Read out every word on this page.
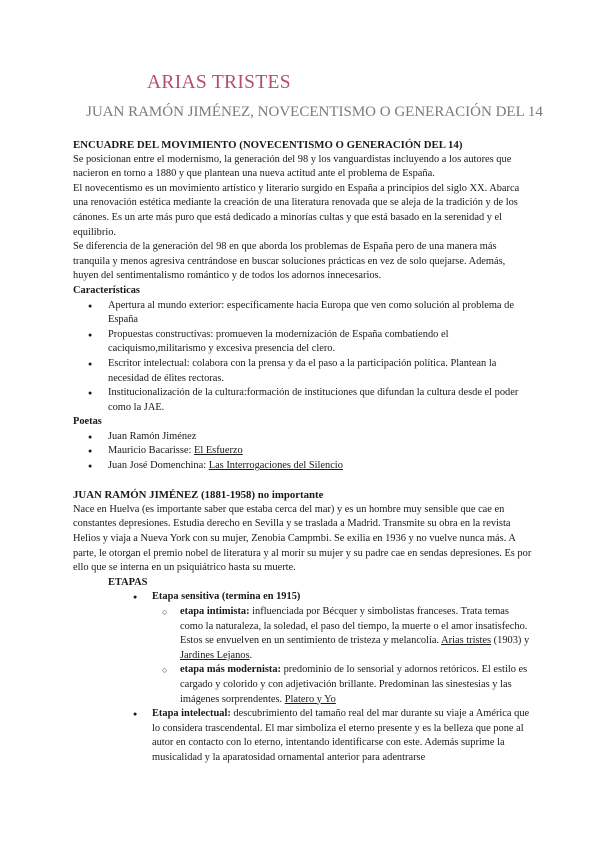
ARIAS TRISTES
JUAN RAMÓN JIMÉNEZ, NOVECENTISMO O GENERACIÓN DEL 14

ENCUADRE DEL MOVIMIENTO (NOVECENTISMO O GENERACIÓN DEL 14)

Se posicionan entre el modernismo, la generación del 98 y los vanguardistas incluyendo a los autores que nacieron en torno a 1880 y que plantean una nueva actitud ante el problema de España.

El novecentismo es un movimiento artístico y literario surgido en España a principios del siglo XX. Abarca una renovación estética mediante la creación de una literatura renovada que se aleja de la tradición y de los cánones. Es un arte más puro que está dedicado a minorías cultas y que está basado en la serenidad y el equilibrio.

Se diferencia de la generación del 98 en que aborda los problemas de España pero de una manera más tranquila y menos agresiva centrándose en buscar soluciones prácticas en vez de solo quejarse. Además, huyen del sentimentalismo romántico y de todos los adornos innecesarios.

Características

● Apertura al mundo exterior: específicamente hacia Europa que ven como solución al problema de España
● Propuestas constructivas: promueven la modernización de España combatiendo el caciquismo,militarismo y excesiva presencia del clero.
● Escritor intelectual: colabora con la prensa y da el paso a la participación política. Plantean la necesidad de élites rectoras.
● Institucionalización de la cultura:formación de instituciones que difundan la cultura desde el poder como la JAE.

Poetas

● Juan Ramón Jiménez
● Mauricio Bacarisse: El Esfuerzo
● Juan José Domenchina: Las Interrogaciones del Silencio

JUAN RAMÓN JIMÉNEZ (1881-1958) no importante

Nace en Huelva (es importante saber que estaba cerca del mar) y es un hombre muy sensible que cae en constantes depresiones. Estudia derecho en Sevilla y se traslada a Madrid. Transmite su obra en la revista Helios y viaja a Nueva York con su mujer, Zenobia Campmbi. Se exilia en 1936 y no vuelve nunca más. A parte, le otorgan el premio nobel de literatura y al morir su mujer y su padre cae en sendas depresiones. Es por ello que se interna en un psiquiátrico hasta su muerte.

ETAPAS

● Etapa sensitiva (termina en 1915)
○ etapa intimista: influenciada por Bécquer y simbolistas franceses. Trata temas como la naturaleza, la soledad, el paso del tiempo, la muerte o el amor insatisfecho. Estos se envuelven en un sentimiento de tristeza y melancolía. Arias tristes (1903) y Jardines Lejanos.
○ etapa más modernista: predominio de lo sensorial y adornos retóricos. El estilo es cargado y colorido y con adjetivación brillante. Predominan las sinestesias y las imágenes sorprendentes. Platero y Yo
● Etapa intelectual: descubrimiento del tamaño real del mar durante su viaje a América que lo considera trascendental. El mar simboliza el eterno presente y es la belleza que pone al autor en contacto con lo eterno, intentando identificarse con este. Además suprime la musicalidad y la aparatosidad ornamental anterior para adentrarse
